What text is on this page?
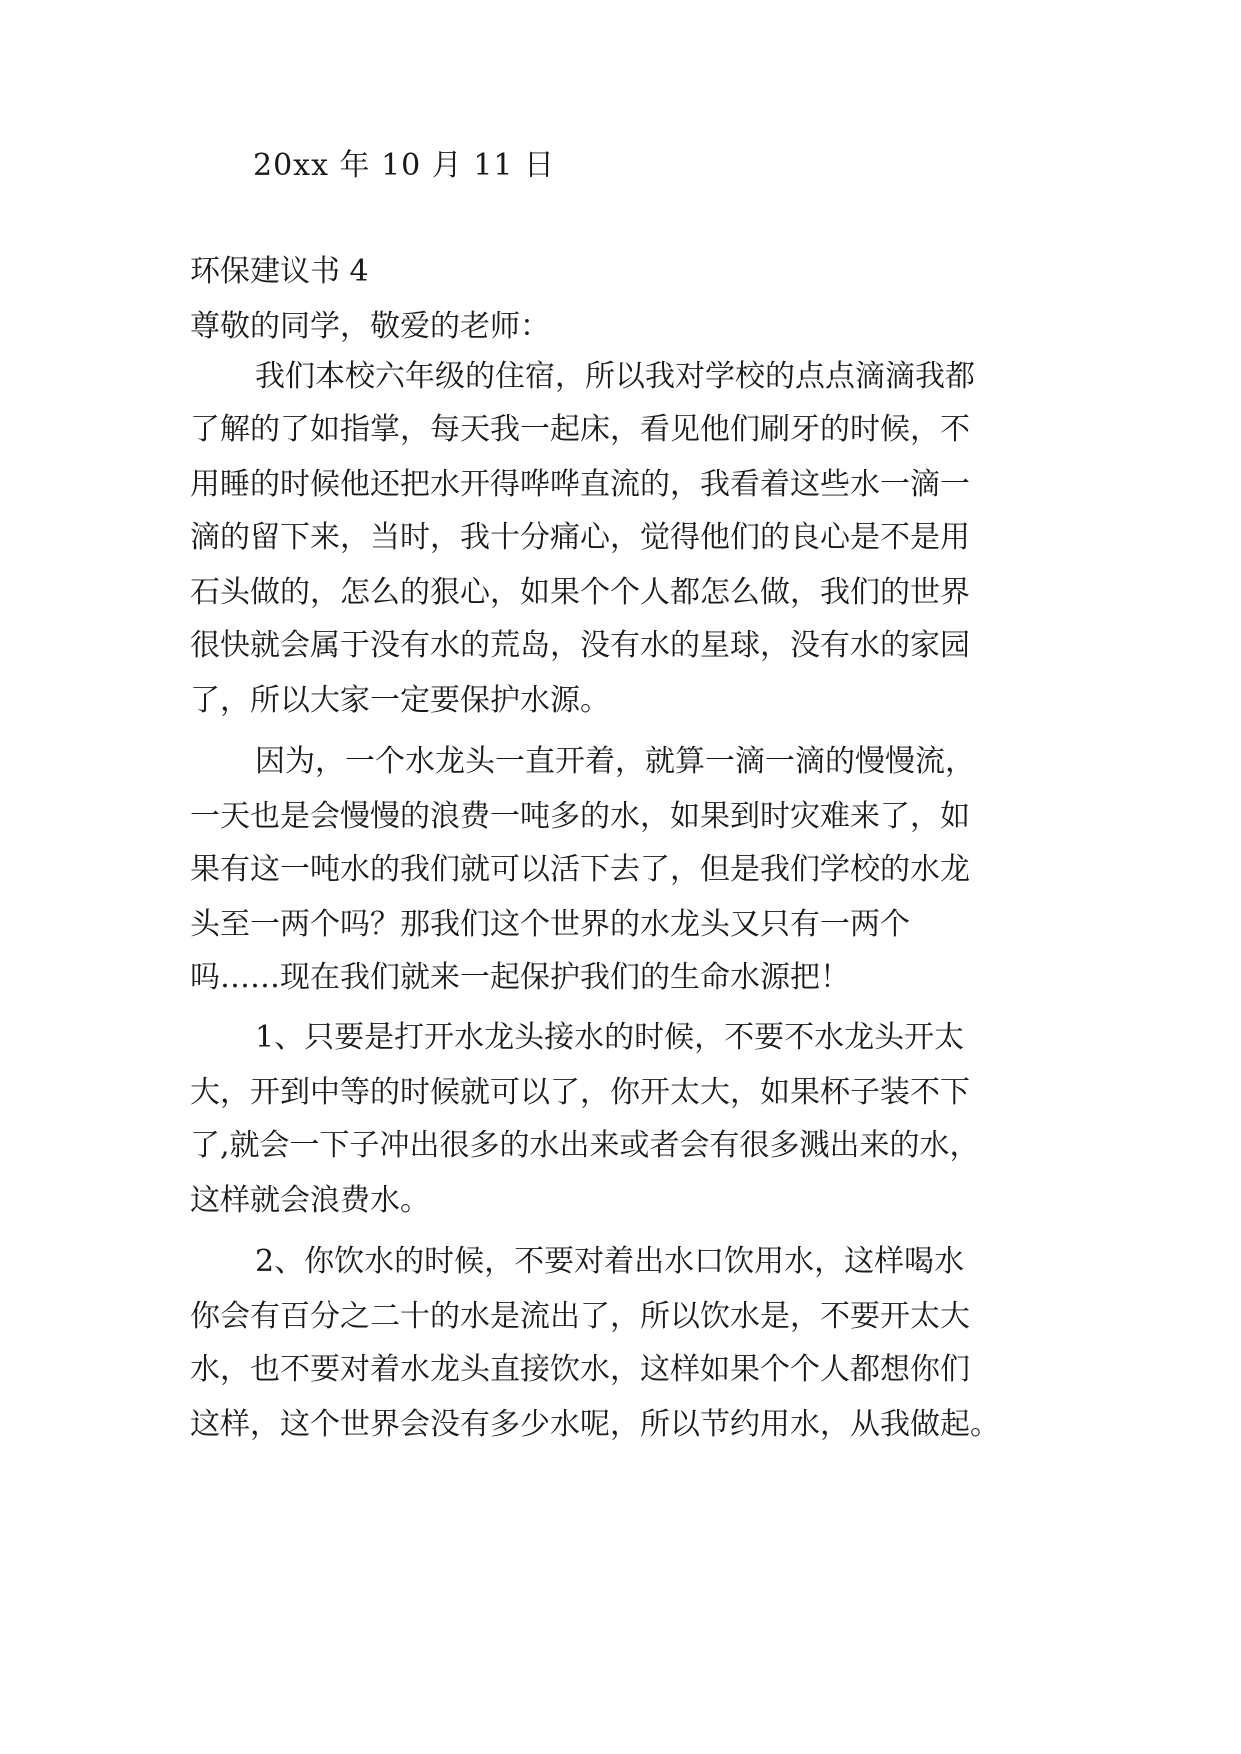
20xx 年 10 月 11 日
环保建议书 4
尊敬的同学，敬爱的老师：
我们本校六年级的住宿，所以我对学校的点点滴滴我都
了解的了如指掌，每天我一起床，看见他们刷牙的时候，不
用睡的时候他还把水开得哗哗直流的，我看着这些水一滴一
滴的留下来，当时，我十分痛心，觉得他们的良心是不是用
石头做的，怎么的狠心，如果个个人都怎么做，我们的世界
很快就会属于没有水的荒岛，没有水的星球，没有水的家园
了，所以大家一定要保护水源。
因为，一个水龙头一直开着，就算一滴一滴的慢慢流，
一天也是会慢慢的浪费一吨多的水，如果到时灾难来了，如
果有这一吨水的我们就可以活下去了，但是我们学校的水龙
头至一两个吗？那我们这个世界的水龙头又只有一两个
吗……现在我们就来一起保护我们的生命水源把！
1、只要是打开水龙头接水的时候，不要不水龙头开太
大，开到中等的时候就可以了，你开太大，如果杯子装不下
了,就会一下子冲出很多的水出来或者会有很多溅出来的水，
这样就会浪费水。
2、你饮水的时候，不要对着出水口饮用水，这样喝水
你会有百分之二十的水是流出了，所以饮水是，不要开太大
水，也不要对着水龙头直接饮水，这样如果个个人都想你们
这样，这个世界会没有多少水呢，所以节约用水，从我做起。
